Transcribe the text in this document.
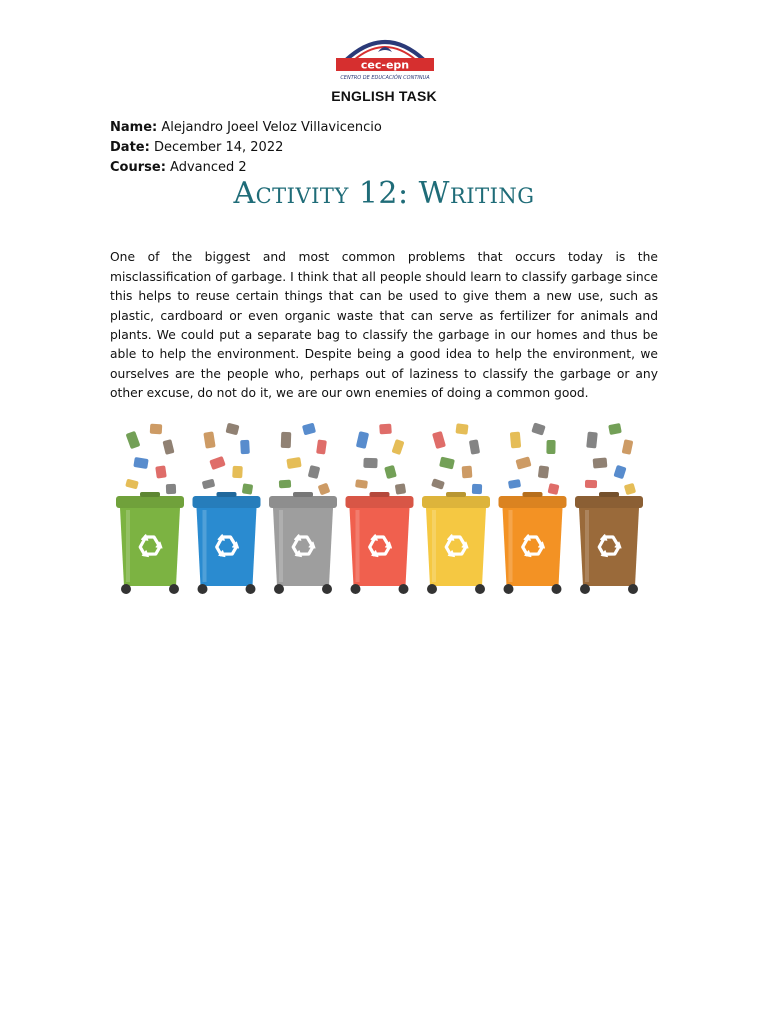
cec-epn
CENTRO DE EDUCACIÓN CONTINUA
ENGLISH TASK
Name: Alejandro Joeel Veloz Villavicencio
Date: December 14, 2022
Course: Advanced 2
Activity 12: Writing

One of the biggest and most common problems that occurs today is the misclassification of garbage. I think that all people should learn to classify garbage since this helps to reuse certain things that can be used to give them a new use, such as plastic, cardboard or even organic waste that can serve as fertilizer for animals and plants. We could put a separate bag to classify the garbage in our homes and thus be able to help the environment. Despite being a good idea to help the environment, we ourselves are the people who, perhaps out of laziness to classify the garbage or any other excuse, do not do it, we are our own enemies of doing a common good.
